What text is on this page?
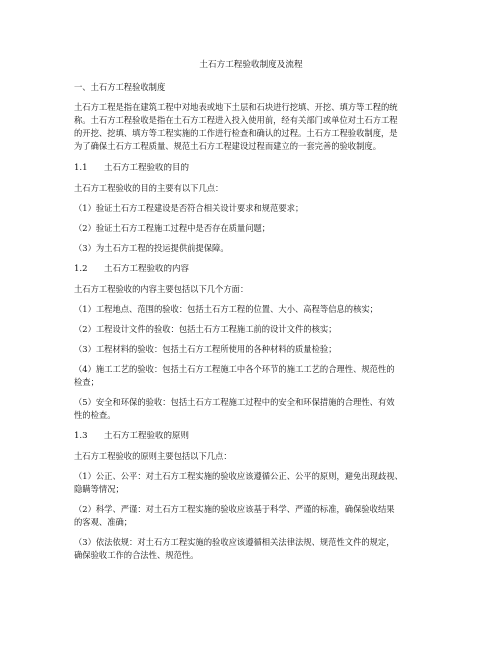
土石方工程验收制度及流程
一、土石方工程验收制度
土石方工程是指在建筑工程中对地表或地下土层和石块进行挖填、开挖、填方等工程的统
称。土石方工程验收是指在土石方工程进入投入使用前，经有关部门或单位对土石方工程
的开挖、挖填、填方等工程实施的工作进行检查和确认的过程。土石方工程验收制度，是
为了确保土石方工程质量、规范土石方工程建设过程而建立的一套完善的验收制度。
1.1 土石方工程验收的目的
土石方工程验收的目的主要有以下几点：
（1）验证土石方工程建设是否符合相关设计要求和规范要求；
（2）验证土石方工程施工过程中是否存在质量问题；
（3）为土石方工程的投运提供前提保障。
1.2 土石方工程验收的内容
土石方工程验收的内容主要包括以下几个方面：
（1）工程地点、范围的验收：包括土石方工程的位置、大小、高程等信息的核实；
（2）工程设计文件的验收：包括土石方工程施工前的设计文件的核实；
（3）工程材料的验收：包括土石方工程所使用的各种材料的质量检验；
（4）施工工艺的验收：包括土石方工程施工中各个环节的施工工艺的合理性、规范性的
检查；
（5）安全和环保的验收：包括土石方工程施工过程中的安全和环保措施的合理性、有效
性的检查。
1.3 土石方工程验收的原则
土石方工程验收的原则主要包括以下几点：
（1）公正、公平：对土石方工程实施的验收应该遵循公正、公平的原则，避免出现歧视、
隐瞒等情况；
（2）科学、严谨：对土石方工程实施的验收应该基于科学、严谨的标准，确保验收结果
的客观、准确；
（3）依法依规：对土石方工程实施的验收应该遵循相关法律法规、规范性文件的规定，
确保验收工作的合法性、规范性。
